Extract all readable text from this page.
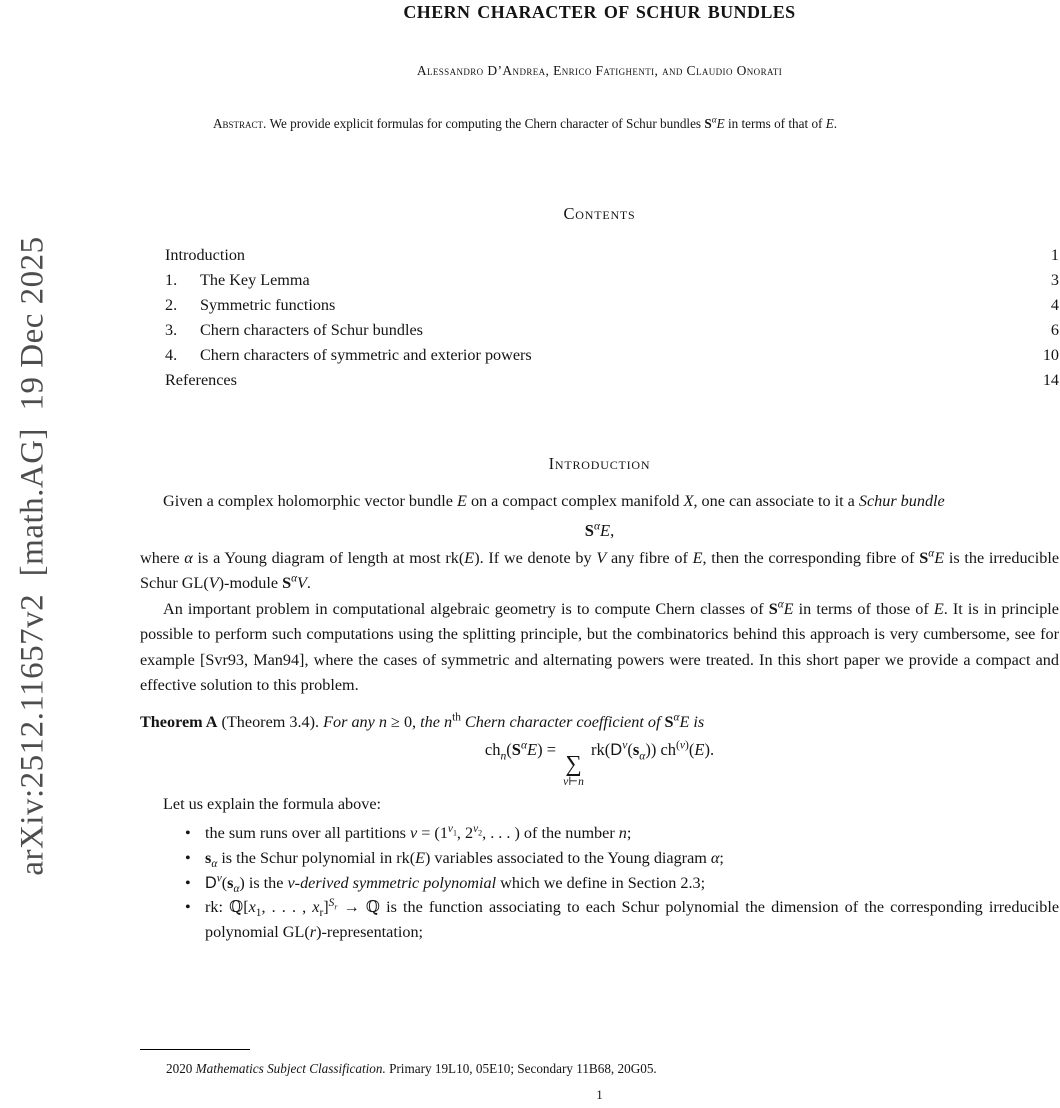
arXiv:2512.11657v2  [math.AG]  19 Dec 2025
CHERN CHARACTER OF SCHUR BUNDLES
Alessandro D’Andrea, Enrico Fatighenti, and Claudio Onorati
Abstract. We provide explicit formulas for computing the Chern character of Schur bundles $S^\alpha E$ in terms of that of E.
Contents
Introduction	1
1.	The Key Lemma	3
2.	Symmetric functions	4
3.	Chern characters of Schur bundles	6
4.	Chern characters of symmetric and exterior powers	10
References	14
Introduction
Given a complex holomorphic vector bundle E on a compact complex manifold X, one can associate to it a Schur bundle
$S^\alpha E$,
where α is a Young diagram of length at most rk(E). If we denote by V any fibre of E, then the corresponding fibre of $S^\alpha E$ is the irreducible Schur GL(V)-module $S^\alpha V$.
An important problem in computational algebraic geometry is to compute Chern classes of $S^\alpha E$ in terms of those of E. It is in principle possible to perform such computations using the splitting principle, but the combinatorics behind this approach is very cumbersome, see for example [Svr93, Man94], where the cases of symmetric and alternating powers were treated. In this short paper we provide a compact and effective solution to this problem.
Theorem A (Theorem 3.4). For any n ≥ 0, the $n^{th}$ Chern character coefficient of $S^\alpha E$ is
$ch_n(S^\alpha E)$ =
∑
ν⊢n
$rk(D^\nu(s_\alpha))$ $ch^{(\nu)}(E)$.
Let us explain the formula above:
• the sum runs over all partitions $\nu = (1^{\nu_1}$, $2^{\nu_2}$, . . . ) of the number n;
• $s_\alpha$ is the Schur polynomial in rk(E) variables associated to the Young diagram α;
• $D^\nu(s_\alpha)$ is the ν-derived symmetric polynomial which we define in Section 2.3;
• rk: $ℚ[x_1$, . . . , $x_r]^{S_r}$ → ℚ is the function associating to each Schur polynomial the dimension of the corresponding irreducible polynomial GL(r)-representation;
2020 Mathematics Subject Classification. Primary 19L10, 05E10; Secondary 11B68, 20G05.
1
